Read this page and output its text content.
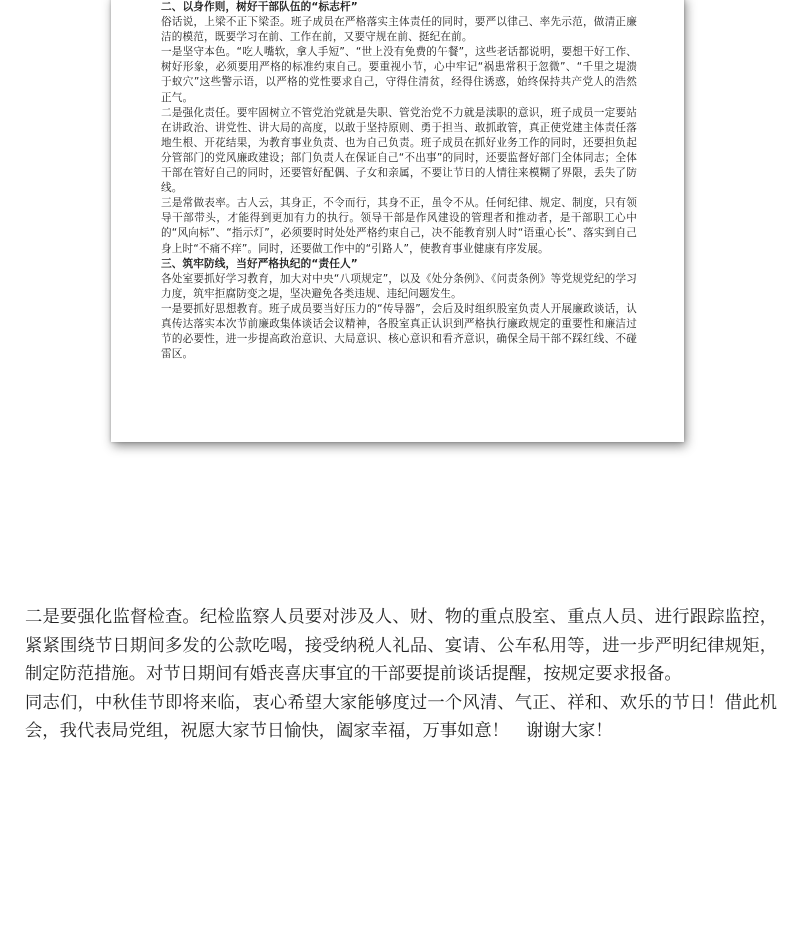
二、以身作则，树好干部队伍的“标志杆”

俗话说，上梁不正下梁歪。班子成员在严格落实主体责任的同时，要严以律己、率先示范，做清正廉洁的模范，既要学习在前、工作在前，又要守规在前、挺纪在前。

一是坚守本色。“吃人嘴软，拿人手短”、“世上没有免费的午餐”，这些老话都说明，要想干好工作、树好形象，必须要用严格的标准约束自己。要重视小节，心中牢记“祸患常积于忽微”、“千里之堤溃于蚁穴”这些警示语，以严格的党性要求自己，守得住清贫，经得住诱惑，始终保持共产党人的浩然正气。

二是强化责任。要牢固树立不管党治党就是失职、管党治党不力就是渎职的意识，班子成员一定要站在讲政治、讲党性、讲大局的高度，以敢于坚持原则、勇于担当、敢抓敢管，真正使党建主体责任落地生根、开花结果，为教育事业负责、也为自己负责。班子成员在抓好业务工作的同时，还要担负起分管部门的党风廉政建设；部门负责人在保证自己“不出事”的同时，还要监督好部门全体同志；全体干部在管好自己的同时，还要管好配偶、子女和亲属，不要让节日的人情往来模糊了界限，丢失了防线。

三是常做表率。古人云，其身正，不令而行，其身不正，虽令不从。任何纪律、规定、制度，只有领导干部带头，才能得到更加有力的执行。领导干部是作风建设的管理者和推动者，是干部职工心中的“风向标”、“指示灯”，必须要时时处处严格约束自己，决不能教育别人时“语重心长”、落实到自己身上时“不痛不痒”。同时，还要做工作中的“引路人”，使教育事业健康有序发展。

三、筑牢防线，当好严格执纪的“责任人”

各处室要抓好学习教育，加大对中央“八项规定”，以及《处分条例》、《问责条例》等党规党纪的学习力度，筑牢拒腐防变之堤，坚决避免各类违规、违纪问题发生。

一是要抓好思想教育。班子成员要当好压力的“传导器”，会后及时组织股室负责人开展廉政谈话，认真传达落实本次节前廉政集体谈话会议精神，各股室真正认识到严格执行廉政规定的重要性和廉洁过节的必要性，进一步提高政治意识、大局意识、核心意识和看齐意识，确保全局干部不踩红线、不碰雷区。

二是要强化监督检查。纪检监察人员要对涉及人、财、物的重点股室、重点人员、进行跟踪监控，紧紧围绕节日期间多发的公款吃喝，接受纳税人礼品、宴请、公车私用等，进一步严明纪律规矩，制定防范措施。对节日期间有婚丧喜庆事宜的干部要提前谈话提醒，按规定要求报备。

同志们，中秋佳节即将来临，衷心希望大家能够度过一个风清、气正、祥和、欢乐的节日！借此机会，我代表局党组，祝愿大家节日愉快，阖家幸福，万事如意！　谢谢大家！
